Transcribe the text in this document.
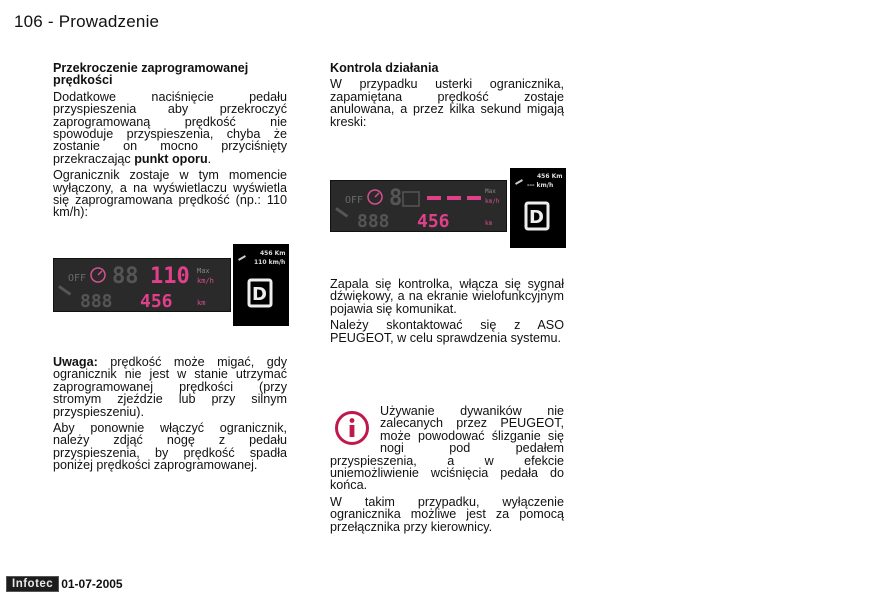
106 - Prowadzenie
Przekroczenie zaprogramowanej prędkości

Dodatkowe naciśnięcie pedału przyspieszenia aby przekroczyć zaprogramowaną prędkość nie spowoduje przyspieszenia, chyba że zostanie on mocno przyciśnięty przekraczając punkt oporu.

Ogranicznik zostaje w tym momencie wyłączony, a na wyświetlaczu wyświetla się zaprogramowana prędkość (np.: 110 km/h):

OFF 88 110 Max
km/h
888 456	km
456 Km
110 km/h
D

Uwaga: prędkość może migać, gdy ogranicznik nie jest w stanie utrzymać zaprogramowanej prędkości (przy stromym zjeździe lub przy silnym przyspieszeniu).

Aby ponownie włączyć ogranicznik, należy zdjąć nogę z pedału przyspieszenia, by prędkość spadła poniżej prędkości zaprogramowanej.

Kontrola działania

W przypadku usterki ogranicznika, zapamiętana prędkość zostaje anulowana, a przez kilka sekund migają kreski:

OFF 8	Max
km/h
888 456	km
456 Km
--- km/h
D

Zapala się kontrolka, włącza się sygnał dźwiękowy, a na ekranie wielofunkcyjnym pojawia się komunikat.

Należy skontaktować się z ASO PEUGEOT, w celu sprawdzenia systemu.

Używanie dywaników nie zalecanych przez PEUGEOT, może powodować ślizganie się nogi pod pedałem przyspieszenia, a w efekcie uniemożliwienie wciśnięcia pedała do końca.

W takim przypadku, wyłączenie ogranicznika możliwe jest za pomocą przełącznika przy kierownicy.

Infotec 01-07-2005
